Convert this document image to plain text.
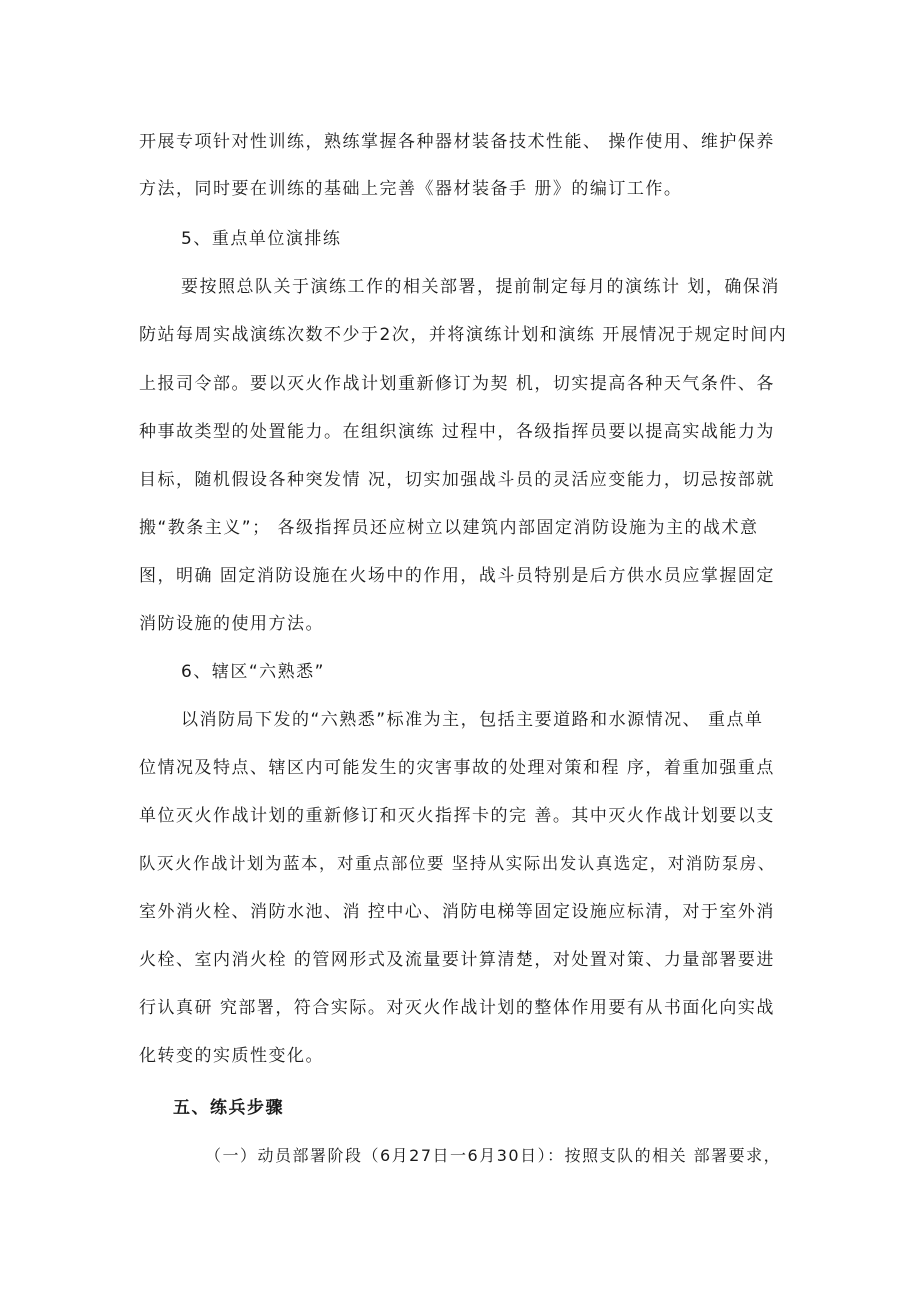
开展专项针对性训练，熟练掌握各种器材装备技术性能、 操作使用、维护保养
方法，同时要在训练的基础上完善《器材装备手 册》的编订工作。
5、重点单位演排练
要按照总队关于演练工作的相关部署，提前制定每月的演练计 划，确保消
防站每周实战演练次数不少于2次，并将演练计划和演练 开展情况于规定时间内
上报司令部。要以灭火作战计划重新修订为契 机，切实提高各种天气条件、各
种事故类型的处置能力。在组织演练 过程中，各级指挥员要以提高实战能力为
目标，随机假设各种突发情 况，切实加强战斗员的灵活应变能力，切忌按部就
搬“教条主义”； 各级指挥员还应树立以建筑内部固定消防设施为主的战术意
图，明确 固定消防设施在火场中的作用，战斗员特别是后方供水员应掌握固定
消防设施的使用方法。
6、辖区“六熟悉”
以消防局下发的“六熟悉”标准为主，包括主要道路和水源情况、 重点单
位情况及特点、辖区内可能发生的灾害事故的处理对策和程 序，着重加强重点
单位灭火作战计划的重新修订和灭火指挥卡的完 善。其中灭火作战计划要以支
队灭火作战计划为蓝本，对重点部位要 坚持从实际出发认真选定，对消防泵房、
室外消火栓、消防水池、消 控中心、消防电梯等固定设施应标清，对于室外消
火栓、室内消火栓 的管网形式及流量要计算清楚，对处置对策、力量部署要进
行认真研 究部署，符合实际。对灭火作战计划的整体作用要有从书面化向实战
化转变的实质性变化。
五、练兵步骤
（一）动员部署阶段（6月27日一6月30日）：按照支队的相关 部署要求，
